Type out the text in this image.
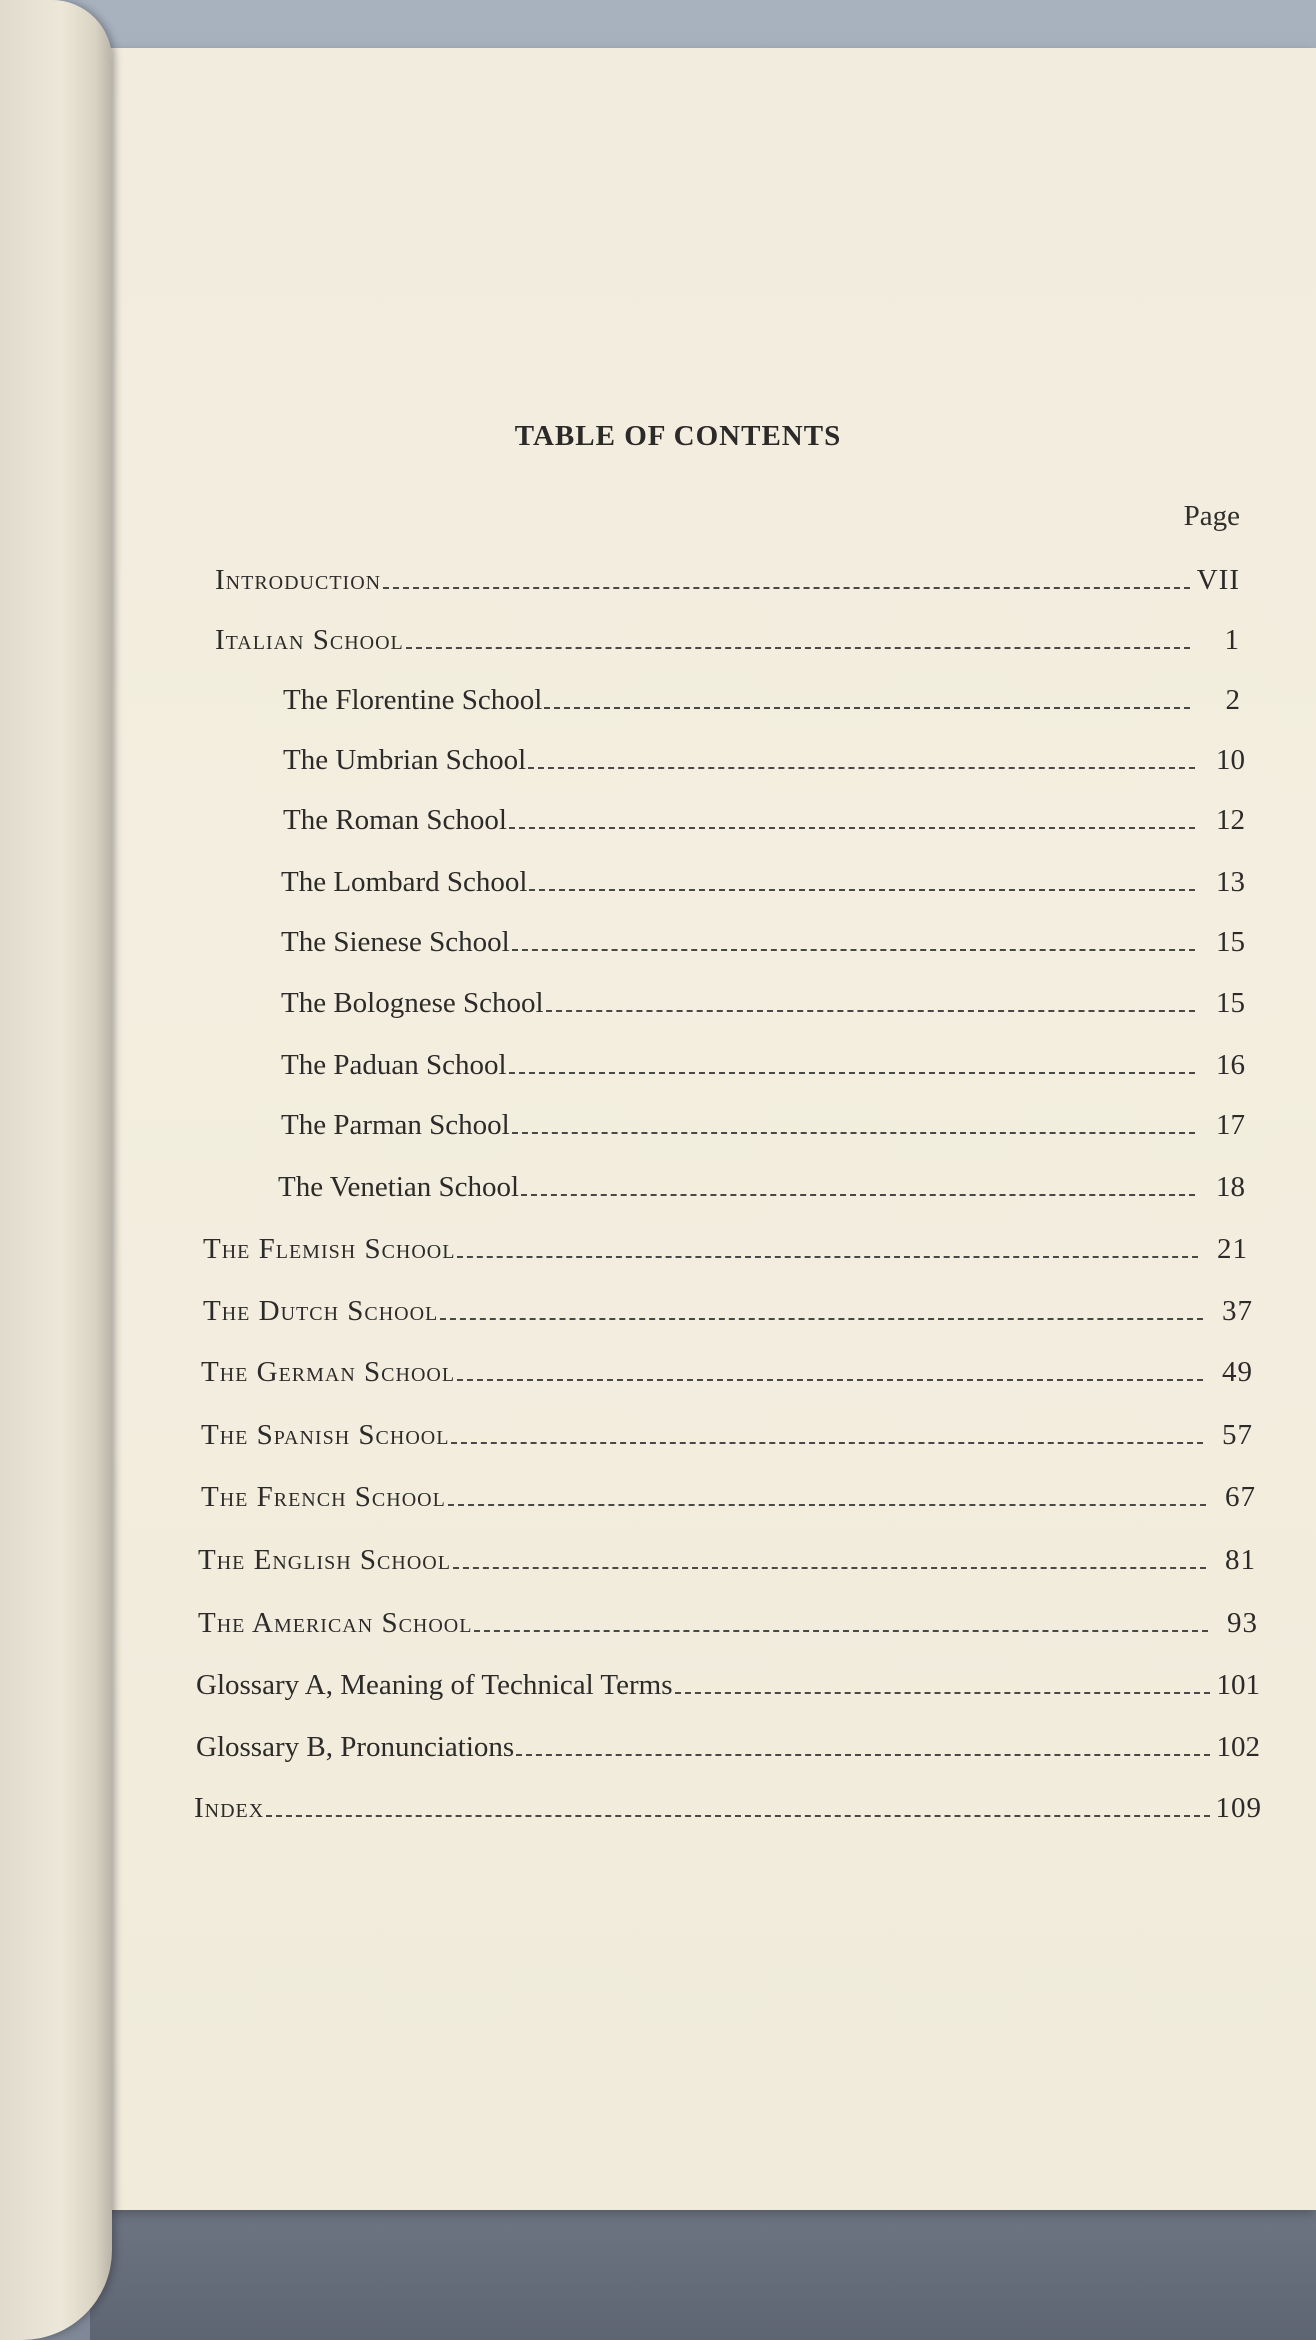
TABLE OF CONTENTS
Page
Introduction	VII
Italian School	1
The Florentine School	2
The Umbrian School	10
The Roman School	12
The Lombard School	13
The Sienese School	15
The Bolognese School	15
The Paduan School	16
The Parman School	17
The Venetian School	18
The Flemish School	21
The Dutch School	37
The German School	49
The Spanish School	57
The French School	67
The English School	81
The American School	93
Glossary A, Meaning of Technical Terms	101
Glossary B, Pronunciations	102
Index	109
